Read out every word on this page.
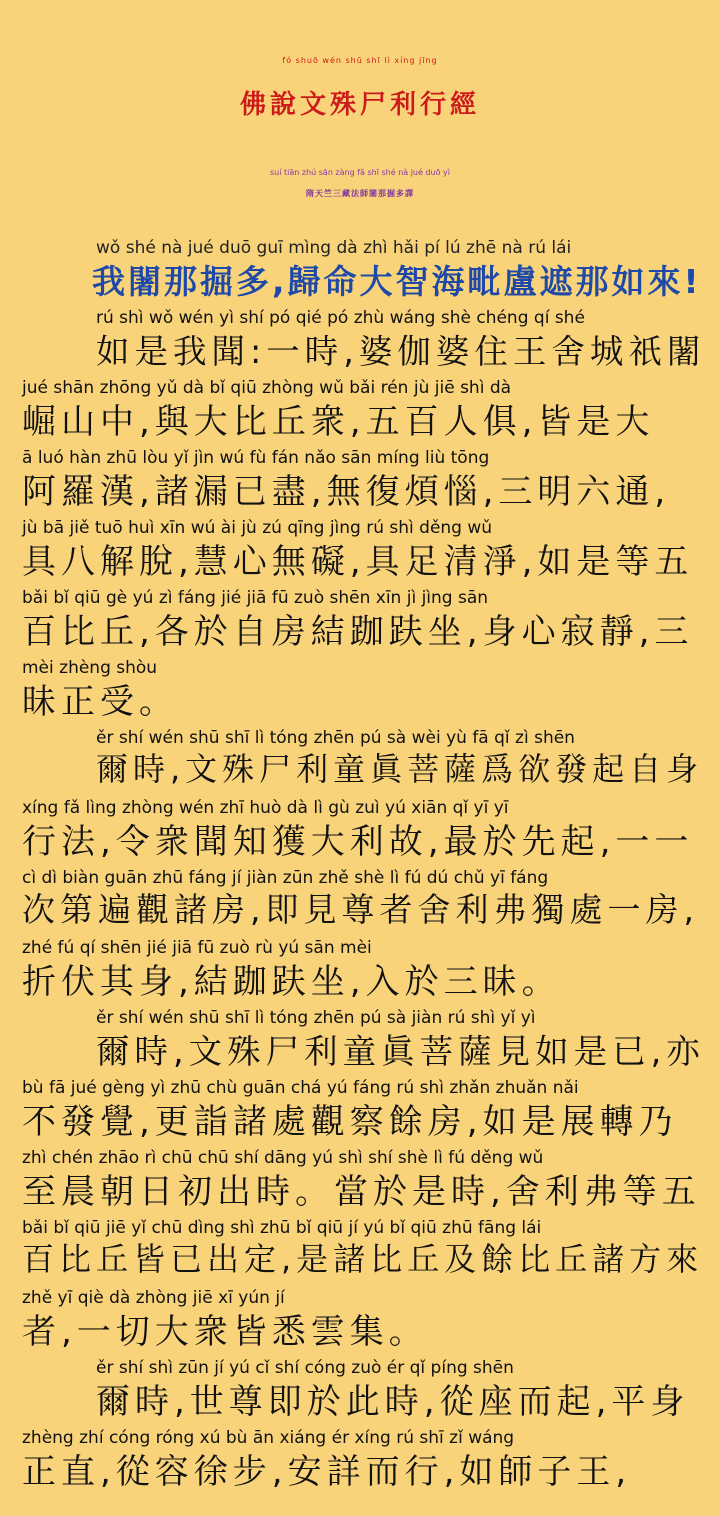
fó shuō wén shū shī lì xíng jīng
佛說文殊尸利行經
suí tiān zhú sān zàng fǎ shī shé nà jué duō yì
隋天竺三藏法師闍那掘多譯
wǒ shé nà jué duō guī mìng dà zhì hǎi pí lú zhē nà rú lái
我闍那掘多,歸命大智海毗盧遮那如來!
rú shì wǒ wén yì shí pó qié pó zhù wáng shè chéng qí shé
如是我聞:一時,婆伽婆住王舍城祇闍
jué shān zhōng yǔ dà bǐ qiū zhòng wǔ bǎi rén jù jiē shì dà
崛山中,與大比丘衆,五百人俱,皆是大
ā luó hàn zhū lòu yǐ jìn wú fù fán nǎo sān míng liù tōng
阿羅漢,諸漏已盡,無復煩惱,三明六通,
jù bā jiě tuō huì xīn wú ài jù zú qīng jìng rú shì děng wǔ
具八解脫,慧心無礙,具足清淨,如是等五
bǎi bǐ qiū gè yú zì fáng jié jiā fū zuò shēn xīn jì jìng sān
百比丘,各於自房結跏趺坐,身心寂靜,三
mèi zhèng shòu
昧正受。
ěr shí wén shū shī lì tóng zhēn pú sà wèi yù fā qǐ zì shēn
爾時,文殊尸利童眞菩薩爲欲發起自身
xíng fǎ lìng zhòng wén zhī huò dà lì gù zuì yú xiān qǐ yī yī
行法,令衆聞知獲大利故,最於先起,一一
cì dì biàn guān zhū fáng jí jiàn zūn zhě shè lì fú dú chǔ yī fáng
次第遍觀諸房,即見尊者舍利弗獨處一房,
zhé fú qí shēn jié jiā fū zuò rù yú sān mèi
折伏其身,結跏趺坐,入於三昧。
ěr shí wén shū shī lì tóng zhēn pú sà jiàn rú shì yǐ yì
爾時,文殊尸利童眞菩薩見如是已,亦
bù fā jué gèng yì zhū chù guān chá yú fáng rú shì zhǎn zhuǎn nǎi
不發覺,更詣諸處觀察餘房,如是展轉乃
zhì chén zhāo rì chū chū shí dāng yú shì shí shè lì fú děng wǔ
至晨朝日初出時。當於是時,舍利弗等五
bǎi bǐ qiū jiē yǐ chū dìng shì zhū bǐ qiū jí yú bǐ qiū zhū fāng lái
百比丘皆已出定,是諸比丘及餘比丘諸方來
zhě yī qiè dà zhòng jiē xī yún jí
者,一切大衆皆悉雲集。
ěr shí shì zūn jí yú cǐ shí cóng zuò ér qǐ píng shēn
爾時,世尊即於此時,從座而起,平身
zhèng zhí cóng róng xú bù ān xiáng ér xíng rú shī zǐ wáng
正直,從容徐步,安詳而行,如師子王,
